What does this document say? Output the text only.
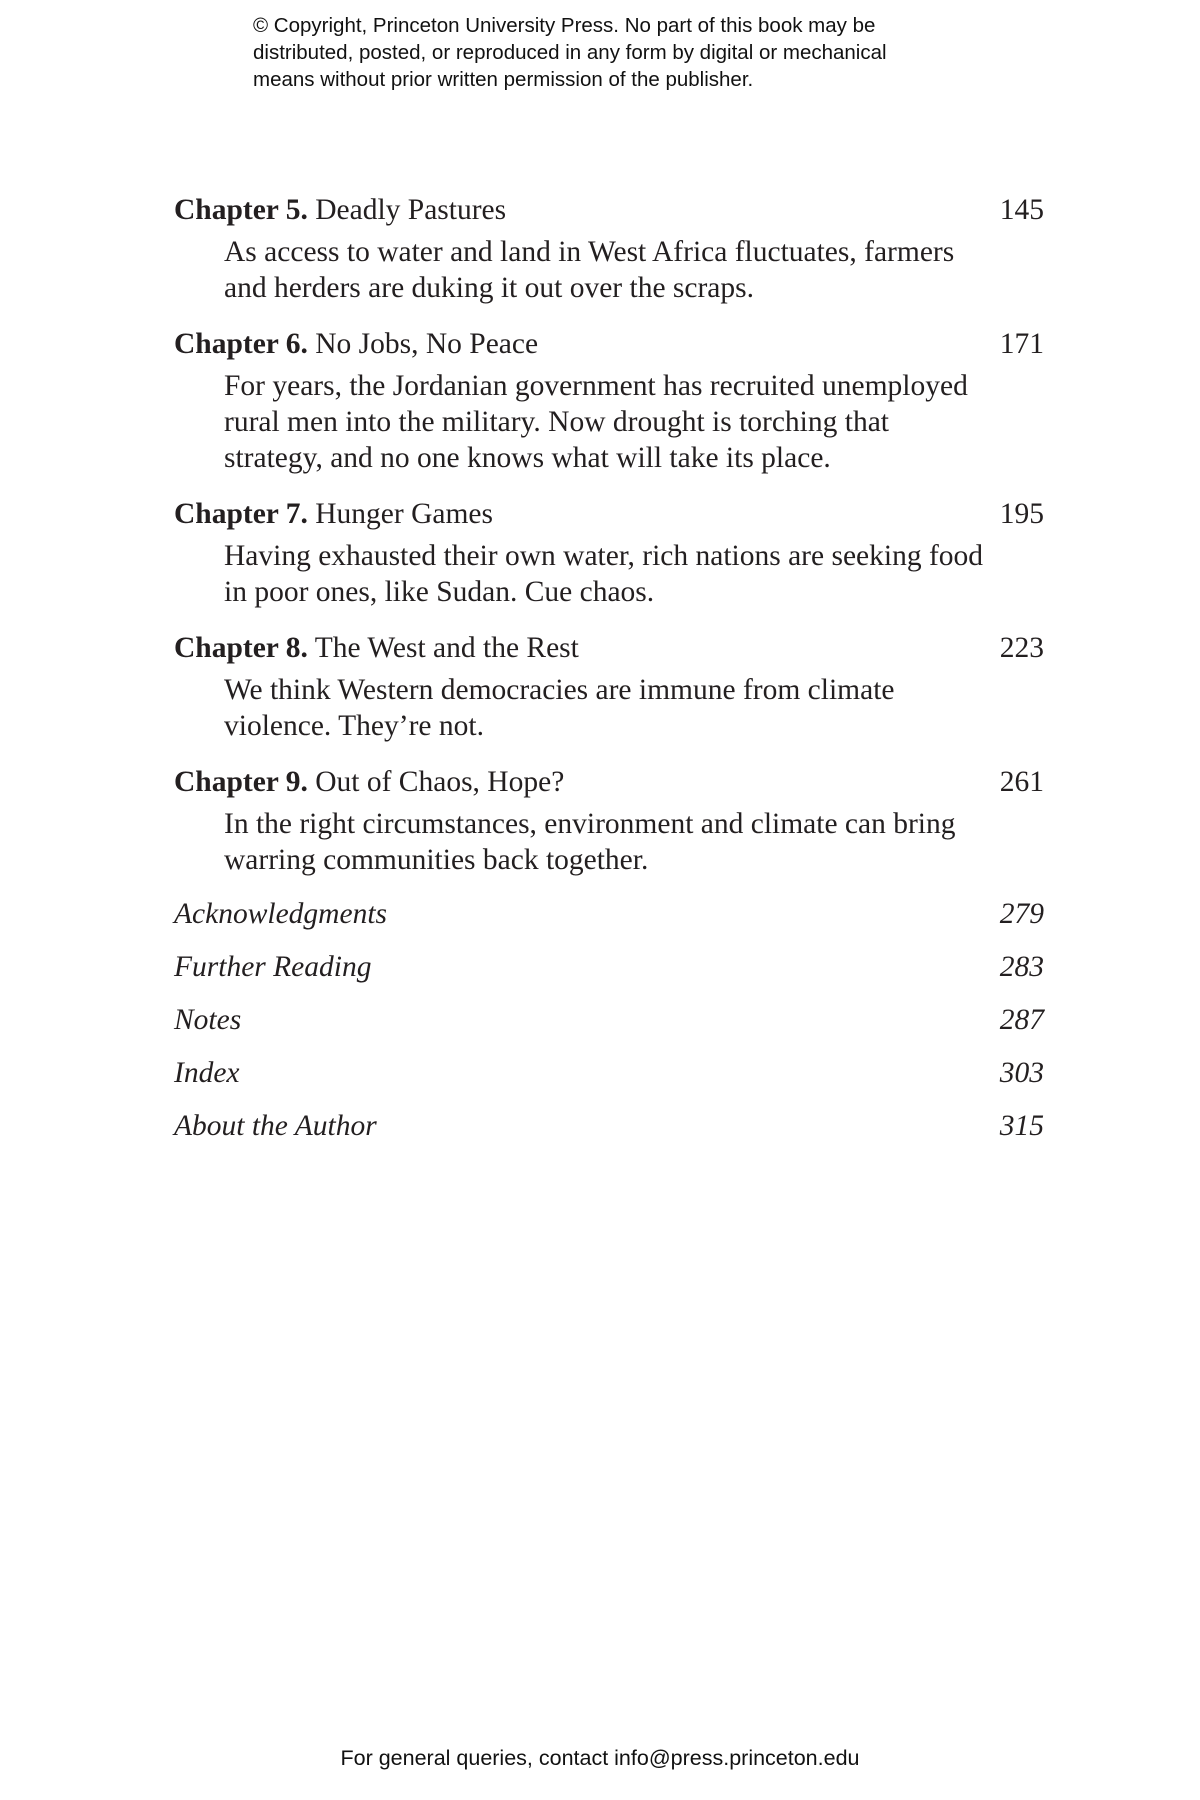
© Copyright, Princeton University Press. No part of this book may be
distributed, posted, or reproduced in any form by digital or mechanical
means without prior written permission of the publisher.
Chapter 5. Deadly Pastures	145
As access to water and land in West Africa fluctuates, farmers
and herders are duking it out over the scraps.
Chapter 6. No Jobs, No Peace	171
For years, the Jordanian government has recruited unemployed
rural men into the military. Now drought is torching that
strategy, and no one knows what will take its place.
Chapter 7. Hunger Games	195
Having exhausted their own water, rich nations are seeking food
in poor ones, like Sudan. Cue chaos.
Chapter 8. The West and the Rest	223
We think Western democracies are immune from climate
violence. They’re not.
Chapter 9. Out of Chaos, Hope?	261
In the right circumstances, environment and climate can bring
warring communities back together.
Acknowledgments	279
Further Reading	283
Notes	287
Index	303
About the Author	315
For general queries, contact info@press.princeton.edu
